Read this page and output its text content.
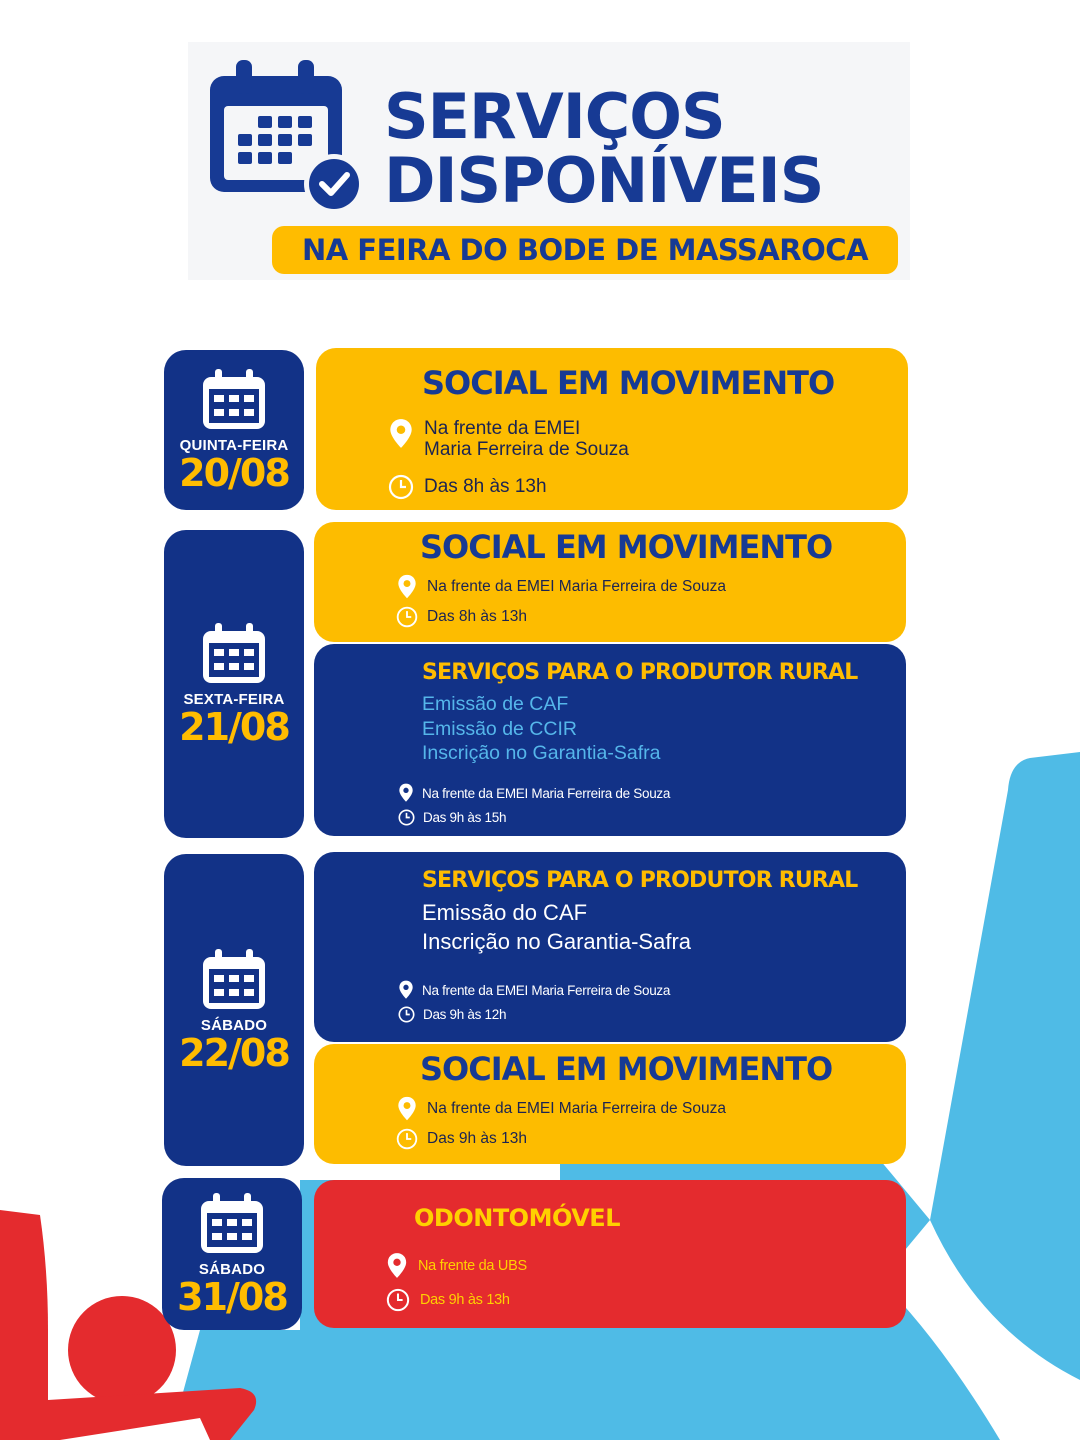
SERVIÇOS
DISPONÍVEIS
NA FEIRA DO BODE DE MASSAROCA
QUINTA-FEIRA
20/08
SEXTA-FEIRA
21/08
SÁBADO
22/08
SÁBADO
31/08
SOCIAL EM MOVIMENTO
Na frente da EMEI
Maria Ferreira de Souza
Das 8h às 13h
SOCIAL EM MOVIMENTO
Na frente da EMEI Maria Ferreira de Souza
Das 8h às 13h
SERVIÇOS PARA O PRODUTOR RURAL
Emissão de CAF
Emissão de CCIR
Inscrição no Garantia-Safra
Na frente da EMEI Maria Ferreira de Souza
Das 9h às 15h
SERVIÇOS PARA O PRODUTOR RURAL
Emissão do CAF
Inscrição no Garantia-Safra
Na frente da EMEI Maria Ferreira de Souza
Das 9h às 12h
SOCIAL EM MOVIMENTO
Na frente da EMEI Maria Ferreira de Souza
Das 9h às 13h
ODONTOMÓVEL
Na frente da UBS
Das 9h às 13h
